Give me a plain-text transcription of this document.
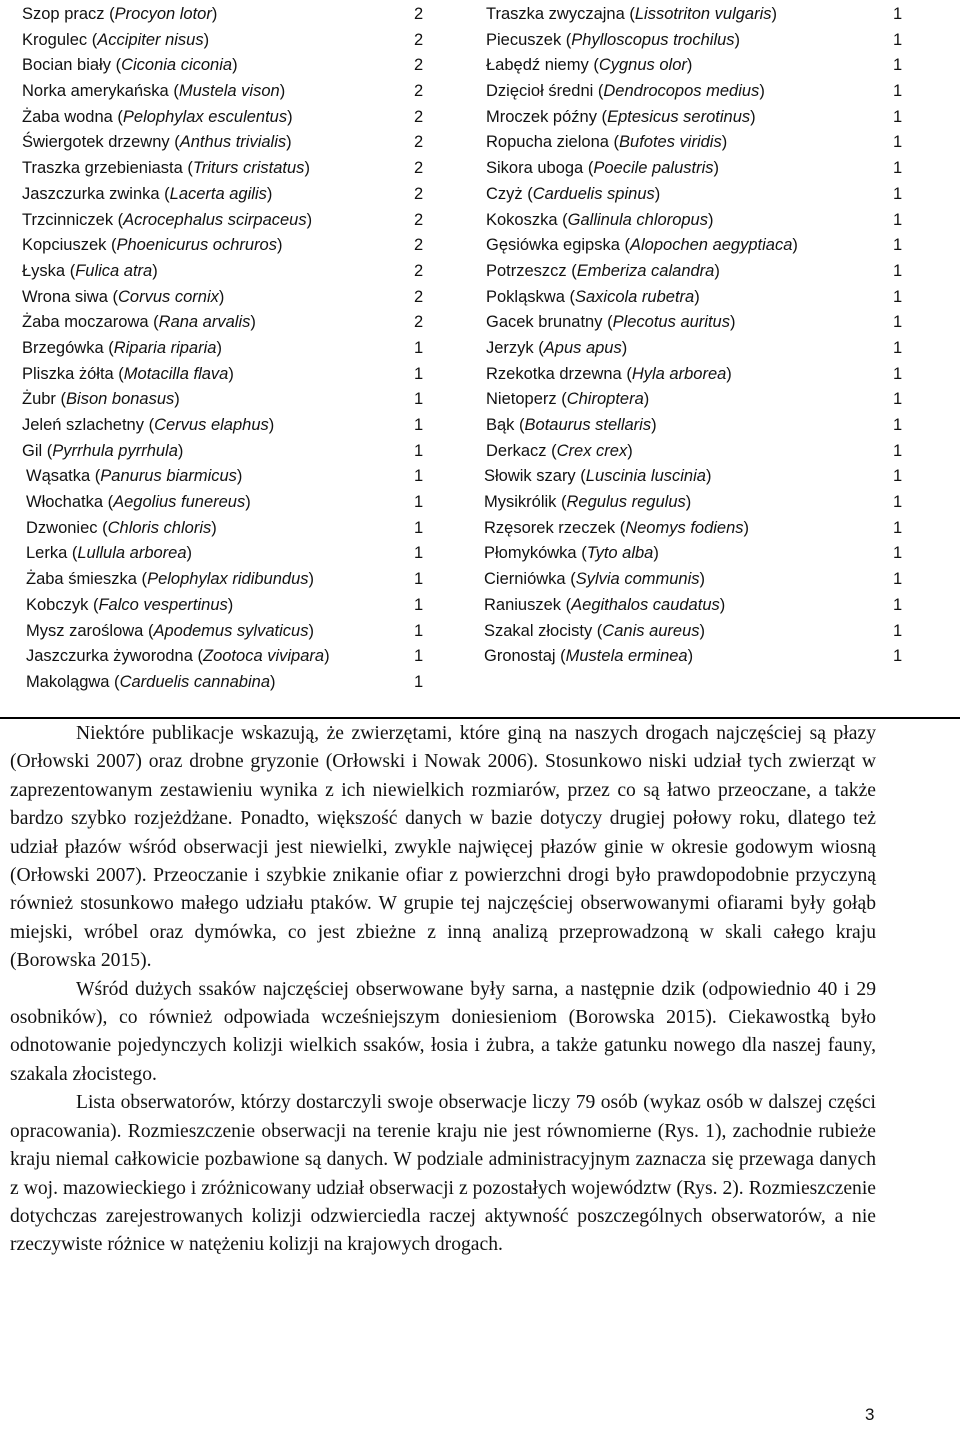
Szop pracz (Procyon lotor)	2
Krogulec (Accipiter nisus)	2
Bocian biały (Ciconia ciconia)	2
Norka amerykańska (Mustela vison)	2
Żaba wodna (Pelophylax esculentus)	2
Świergotek drzewny (Anthus trivialis)	2
Traszka grzebieniasta (Triturs cristatus)	2
Jaszczurka zwinka (Lacerta agilis)	2
Trzcinniczek (Acrocephalus scirpaceus)	2
Kopciuszek (Phoenicurus ochruros)	2
Łyska (Fulica atra)	2
Wrona siwa (Corvus cornix)	2
Żaba moczarowa (Rana arvalis)	2
Brzegówka (Riparia riparia)	1
Pliszka żółta (Motacilla flava)	1
Żubr (Bison bonasus)	1
Jeleń szlachetny (Cervus elaphus)	1
Gil (Pyrrhula pyrrhula)	1
Wąsatka (Panurus biarmicus)	1
Włochatka (Aegolius funereus)	1
Dzwoniec (Chloris chloris)	1
Lerka (Lullula arborea)	1
Żaba śmieszka (Pelophylax ridibundus)	1
Kobczyk (Falco vespertinus)	1
Mysz zaroślowa (Apodemus sylvaticus)	1
Jaszczurka żyworodna (Zootoca vivipara)	1
Makolągwa (Carduelis cannabina)	1
Traszka zwyczajna (Lissotriton vulgaris)	1
Piecuszek (Phylloscopus trochilus)	1
Łabędź niemy (Cygnus olor)	1
Dzięcioł średni (Dendrocopos medius)	1
Mroczek późny (Eptesicus serotinus)	1
Ropucha zielona (Bufotes viridis)	1
Sikora uboga (Poecile palustris)	1
Czyż (Carduelis spinus)	1
Kokoszka (Gallinula chloropus)	1
Gęsiówka egipska (Alopochen aegyptiaca)	1
Potrzeszcz (Emberiza calandra)	1
Pokląskwa (Saxicola rubetra)	1
Gacek brunatny (Plecotus auritus)	1
Jerzyk (Apus apus)	1
Rzekotka drzewna (Hyla arborea)	1
Nietoperz (Chiroptera)	1
Bąk (Botaurus stellaris)	1
Derkacz (Crex crex)	1
Słowik szary (Luscinia luscinia)	1
Mysikrólik (Regulus regulus)	1
Rzęsorek rzeczek (Neomys fodiens)	1
Płomykówka (Tyto alba)	1
Cierniówka (Sylvia communis)	1
Raniuszek (Aegithalos caudatus)	1
Szakal złocisty (Canis aureus)	1
Gronostaj (Mustela erminea)	1

Niektóre publikacje wskazują, że zwierzętami, które giną na naszych drogach najczęściej są płazy (Orłowski 2007) oraz drobne gryzonie (Orłowski i Nowak 2006). Stosunkowo niski udział tych zwierząt w zaprezentowanym zestawieniu wynika z ich niewielkich rozmiarów, przez co są łatwo przeoczane, a także bardzo szybko rozjeżdżane. Ponadto, większość danych w bazie dotyczy drugiej połowy roku, dlatego też udział płazów wśród obserwacji jest niewielki, zwykle najwięcej płazów ginie w okresie godowym wiosną (Orłowski 2007). Przeoczanie i szybkie znikanie ofiar z powierzchni drogi było prawdopodobnie przyczyną również stosunkowo małego udziału ptaków. W grupie tej najczęściej obserwowanymi ofiarami były gołąb miejski, wróbel oraz dymówka, co jest zbieżne z inną analizą przeprowadzoną w skali całego kraju (Borowska 2015).

Wśród dużych ssaków najczęściej obserwowane były sarna, a następnie dzik (odpowiednio 40 i 29 osobników), co również odpowiada wcześniejszym doniesieniom (Borowska 2015). Ciekawostką było odnotowanie pojedynczych kolizji wielkich ssaków, łosia i żubra, a także gatunku nowego dla naszej fauny, szakala złocistego.

Lista obserwatorów, którzy dostarczyli swoje obserwacje liczy 79 osób (wykaz osób w dalszej części opracowania). Rozmieszczenie obserwacji na terenie kraju nie jest równomierne (Rys. 1), zachodnie rubieże kraju niemal całkowicie pozbawione są danych. W podziale administracyjnym zaznacza się przewaga danych z woj. mazowieckiego i zróżnicowany udział obserwacji z pozostałych województw (Rys. 2). Rozmieszczenie dotychczas zarejestrowanych kolizji odzwierciedla raczej aktywność poszczególnych obserwatorów, a nie rzeczywiste różnice w natężeniu kolizji na krajowych drogach.

3
